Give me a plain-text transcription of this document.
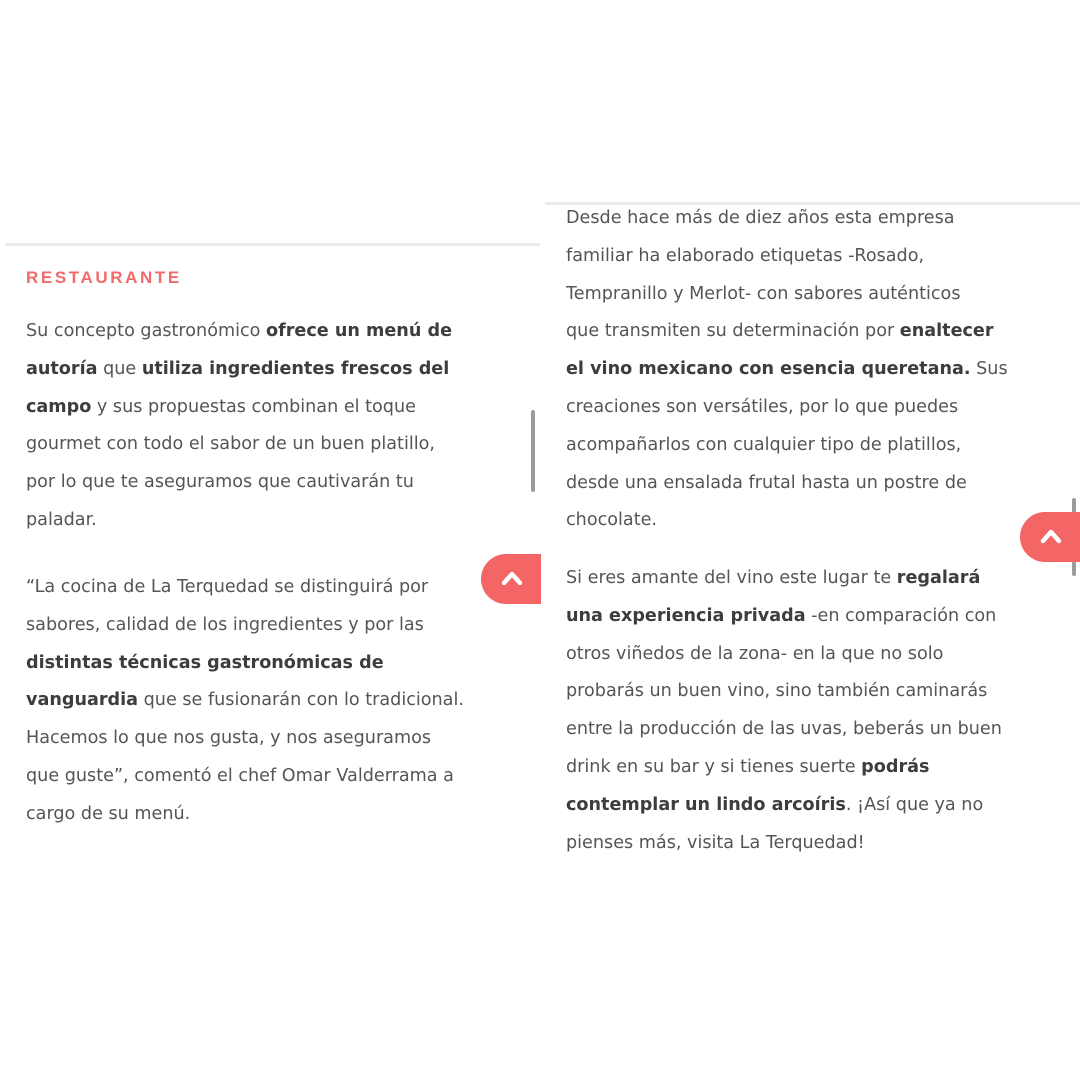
RESTAURANTE

Su concepto gastronómico ofrece un menú de
autoría que utiliza ingredientes frescos del
campo y sus propuestas combinan el toque
gourmet con todo el sabor de un buen platillo,
por lo que te aseguramos que cautivarán tu
paladar.

“La cocina de La Terquedad se distinguirá por
sabores, calidad de los ingredientes y por las
distintas técnicas gastronómicas de
vanguardia que se fusionarán con lo tradicional.
Hacemos lo que nos gusta, y nos aseguramos
que guste”, comentó el chef Omar Valderrama a
cargo de su menú.

Desde hace más de diez años esta empresa
familiar ha elaborado etiquetas -Rosado,
Tempranillo y Merlot- con sabores auténticos
que transmiten su determinación por enaltecer
el vino mexicano con esencia queretana. Sus
creaciones son versátiles, por lo que puedes
acompañarlos con cualquier tipo de platillos,
desde una ensalada frutal hasta un postre de
chocolate.

Si eres amante del vino este lugar te regalará
una experiencia privada -en comparación con
otros viñedos de la zona- en la que no solo
probarás un buen vino, sino también caminarás
entre la producción de las uvas, beberás un buen
drink en su bar y si tienes suerte podrás
contemplar un lindo arcoíris. ¡Así que ya no
pienses más, visita La Terquedad!
